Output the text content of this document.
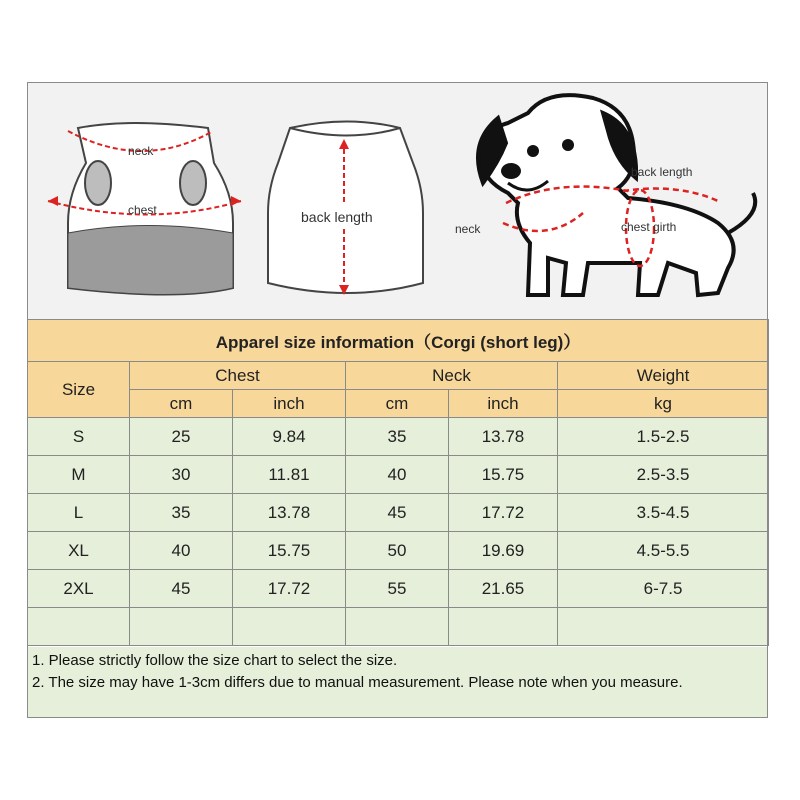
neck
chest	back length
back length
neck	chest girth
Apparel size information（Corgi (short leg)）					
Size	Chest		Neck		Weight
	cm	inch	cm	inch	kg
S	25	9.84	35	13.78	1.5-2.5
M	30	11.81	40	15.75	2.5-3.5
L	35	13.78	45	17.72	3.5-4.5
XL	40	15.75	50	19.69	4.5-5.5
2XL	45	17.72	55	21.65	6-7.5

1. Please strictly follow the size chart to select the size.
2. The size may have 1-3cm differs due to manual measurement. Please note when you measure.
